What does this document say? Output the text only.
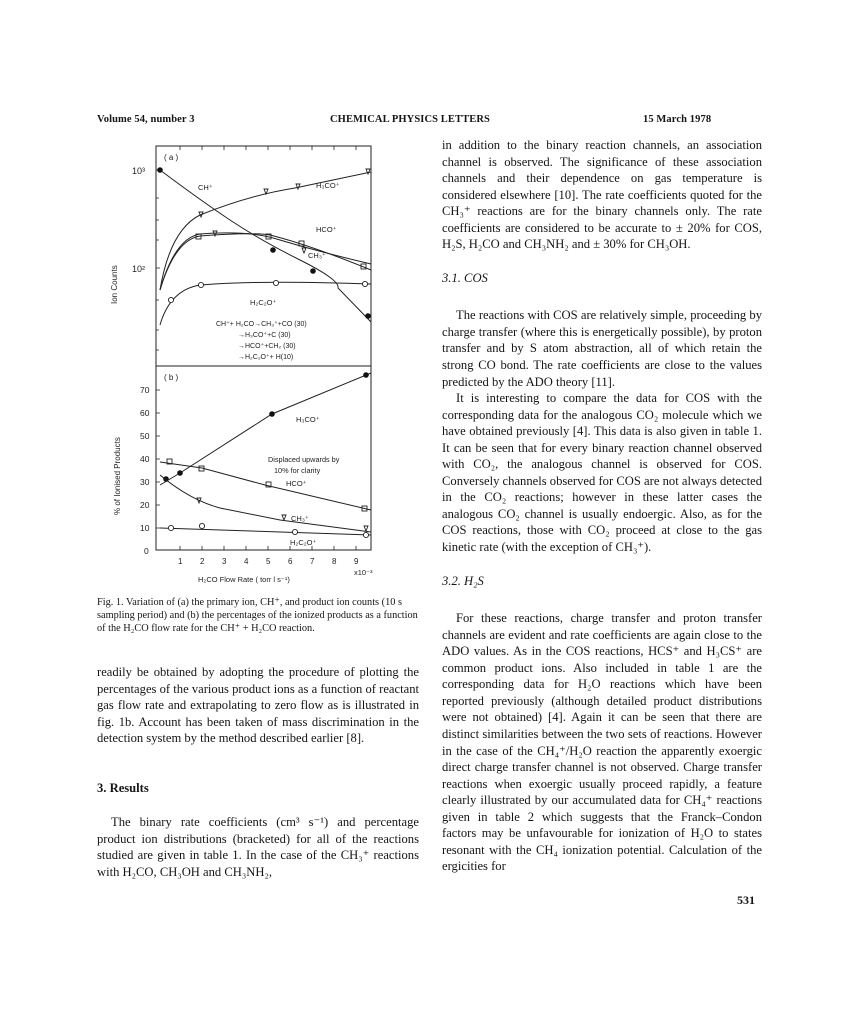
Volume 54, number 3	CHEMICAL PHYSICS LETTERS	15 March 1978
( a )
10³
10²
Ion Counts
CH⁺	H₃CO⁺
HCO⁺
CH₃⁺
H₂C₂O⁺
CH⁺+ H₂CO→CH₃⁺+CO (30)
→H₃CO⁺+C (30)
→HCO⁺+CH₂ (30)
→H₂C₂O⁺+ H(10)
( b )
70
60
50
40
30
20
10
0
% of Ionised Products
H₃CO⁺
Displaced upwards by
10% for clarity
HCO⁺
CH₃⁺
H₂C₂O⁺
1 2 3 4 5 6 7 8 9
x10⁻³
H₂CO Flow Rate ( torr l s⁻¹)
Fig. 1. Variation of (a) the primary ion, CH⁺, and product ion counts (10 s sampling period) and (b) the percentages of the ionized products as a function of the H₂CO flow rate for the CH⁺ + H₂CO reaction.

readily be obtained by adopting the procedure of plotting the percentages of the various product ions as a function of reactant gas flow rate and extrapolating to zero flow as is illustrated in fig. 1b. Account has been taken of mass discrimination in the detection system by the method described earlier [8].

3. Results

The binary rate coefficients (cm³ s⁻¹) and percentage product ion distributions (bracketed) for all of the reactions studied are given in table 1. In the case of the CH₃⁺ reactions with H₂CO, CH₃OH and CH₃NH₂,

in addition to the binary reaction channels, an association channel is observed. The significance of these association channels and their dependence on gas temperature is considered elsewhere [10]. The rate coefficients quoted for the CH₃⁺ reactions are for the binary channels only. The rate coefficients are considered to be accurate to ± 20% for COS, H₂S, H₂CO and CH₃NH₂ and ± 30% for CH₃OH.

3.1. COS

The reactions with COS are relatively simple, proceeding by charge transfer (where this is energetically possible), by proton transfer and by S atom abstraction, all of which retain the strong CO bond. The rate coefficients are close to the values predicted by the ADO theory [11].

It is interesting to compare the data for COS with the corresponding data for the analogous CO₂ molecule which we have obtained previously [4]. This data is also given in table 1. It can be seen that for every binary reaction channel observed with CO₂, the analogous channel is observed for COS. Conversely channels observed for COS are not always detected in the CO₂ reactions; however in these latter cases the analogous CO₂ channel is usually endoergic. Also, as for the COS reactions, those with CO₂ proceed at close to the gas kinetic rate (with the exception of CH₃⁺).

3.2. H₂S

For these reactions, charge transfer and proton transfer channels are evident and rate coefficients are again close to the ADO values. As in the COS reactions, HCS⁺ and H₃CS⁺ are common product ions. Also included in table 1 are the corresponding data for H₂O reactions which have been reported previously (although detailed product distributions were not obtained) [4]. Again it can be seen that there are distinct similarities between the two sets of reactions. However in the case of the CH₄⁺/H₂O reaction the apparently exoergic direct charge transfer channel is not observed. Charge transfer reactions when exoergic usually proceed rapidly, a feature clearly illustrated by our accumulated data for CH₄⁺ reactions given in table 2 which suggests that the Franck–Condon factors may be unfavourable for ionization of H₂O to states resonant with the CH₄ ionization potential. Calculation of the ergicities for

531
